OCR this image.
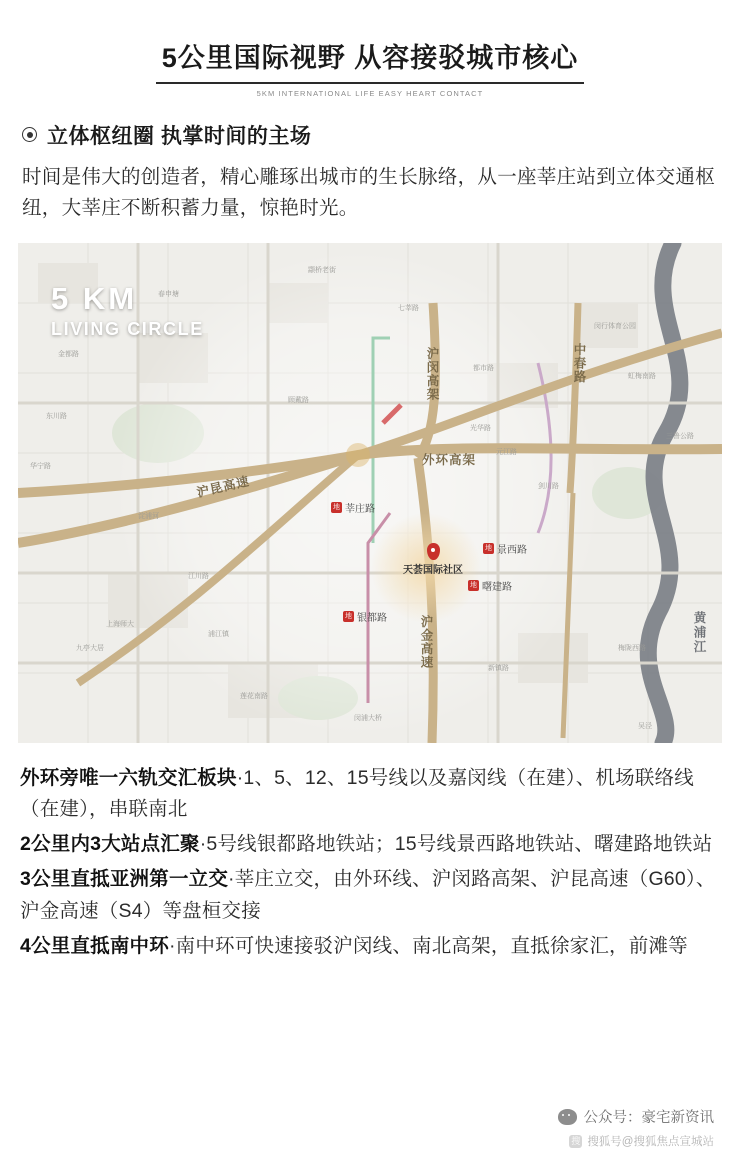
5公里国际视野 从容接驳城市核心
5KM INTERNATIONAL LIFE EASY HEART CONTACT
立体枢纽圈 执掌时间的主场
时间是伟大的创造者，精心雕琢出城市的生长脉络，从一座莘庄站到立体交通枢纽，大莘庄不断积蓄力量，惊艳时光。
5 KM
LIVING CIRCLE
沪闵高架	中春路
外环高架
沪昆高速
沪金高速	黄浦江
地 莘庄路
地 景西路
地 曙建路
地 银都路
天荟国际社区
颛桥老街
七莘路
春申塘
都市路
闵行体育公园
虹梅南路
光华路
元江路
剑川路
金都路
东川路
华宁路
江川路
浦江镇
九亭大居
莲花南路
新镇路
梅陇西路
三鲁公路
闵浦大桥
吴泾
淀浦河
上海师大
顾戴路
外环旁唯一六轨交汇板块·1、5、12、15号线以及嘉闵线（在建）、机场联络线（在建），串联南北
2公里内3大站点汇聚·5号线银都路地铁站；15号线景西路地铁站、曙建路地铁站
3公里直抵亚洲第一立交·莘庄立交，由外环线、沪闵路高架、沪昆高速（G60）、沪金高速（S4）等盘桓交接
4公里直抵南中环·南中环可快速接驳沪闵线、南北高架，直抵徐家汇，前滩等
公众号：豪宅新资讯
搜 搜狐号@搜狐焦点宣城站
